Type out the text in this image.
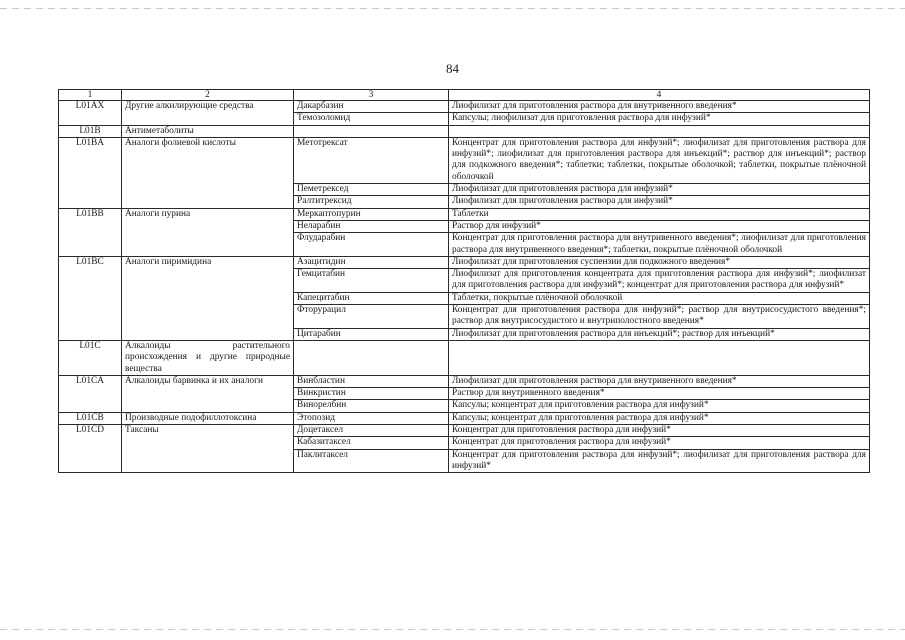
84
1	2	3	4
L01AX	Другие алкилирующие средства	Дакарбазин	Лиофилизат для приготовления раствора для внутривенного введения*
		Темозоломид	Капсулы; лиофилизат для приготовления раствора для инфузий*
L01B	Антиметаболиты		
L01BA	Аналоги фолиевой кислоты	Метотрексат	Концентрат для приготовления раствора для инфузий*; лиофилизат для приготовления раствора для инфузий*; лиофилизат для приготовления раствора для инъекций*; раствор для инъекций*; раствор для подкожного введения*; таблетки; таблетки, покрытые оболочкой; таблетки, покрытые плёночной оболочкой
		Пеметрексед	Лиофилизат для приготовления раствора для инфузий*
		Ралтитрексид	Лиофилизат для приготовления раствора для инфузий*
L01BB	Аналоги пурина	Меркаптопурин	Таблетки
		Неларабин	Раствор для инфузий*
		Флударабин	Концентрат для приготовления раствора для внутривенного введения*; лиофилизат для приготовления раствора для внутривенного введения*; таблетки, покрытые плёночной оболочкой
L01BC	Аналоги пиримидина	Азацитидин	Лиофилизат для приготовления суспензии для подкожного введения*
		Гемцитабин	Лиофилизат для приготовления концентрата для приготовления раствора для инфузий*; лиофилизат для приготовления раствора для инфузий*; концентрат для приготовления раствора для инфузий*
		Капецитабин	Таблетки, покрытые плёночной оболочкой
		Фторурацил	Концентрат для приготовления раствора для инфузий*; раствор для внутрисосудистого введения*; раствор для внутрисосудистого и внутриполостного введения*
		Цитарабин	Лиофилизат для приготовления раствора для инъекций*; раствор для инъекций*
L01C	Алкалоиды растительного происхождения и другие природные вещества		
L01CA	Алкалоиды барвинка и их аналоги	Винбластин	Лиофилизат для приготовления раствора для внутривенного введения*
		Винкристин	Раствор для внутривенного введения*
		Винорелбин	Капсулы; концентрат для приготовления раствора для инфузий*
L01CB	Производные подофиллотоксина	Этопозид	Капсулы; концентрат для приготовления раствора для инфузий*
L01CD	Таксаны	Доцетаксел	Концентрат для приготовления раствора для инфузий*
		Кабазитаксел	Концентрат для приготовления раствора для инфузий*
		Паклитаксел	Концентрат для приготовления раствора для инфузий*; лиофилизат для приготовления раствора для инфузий*
